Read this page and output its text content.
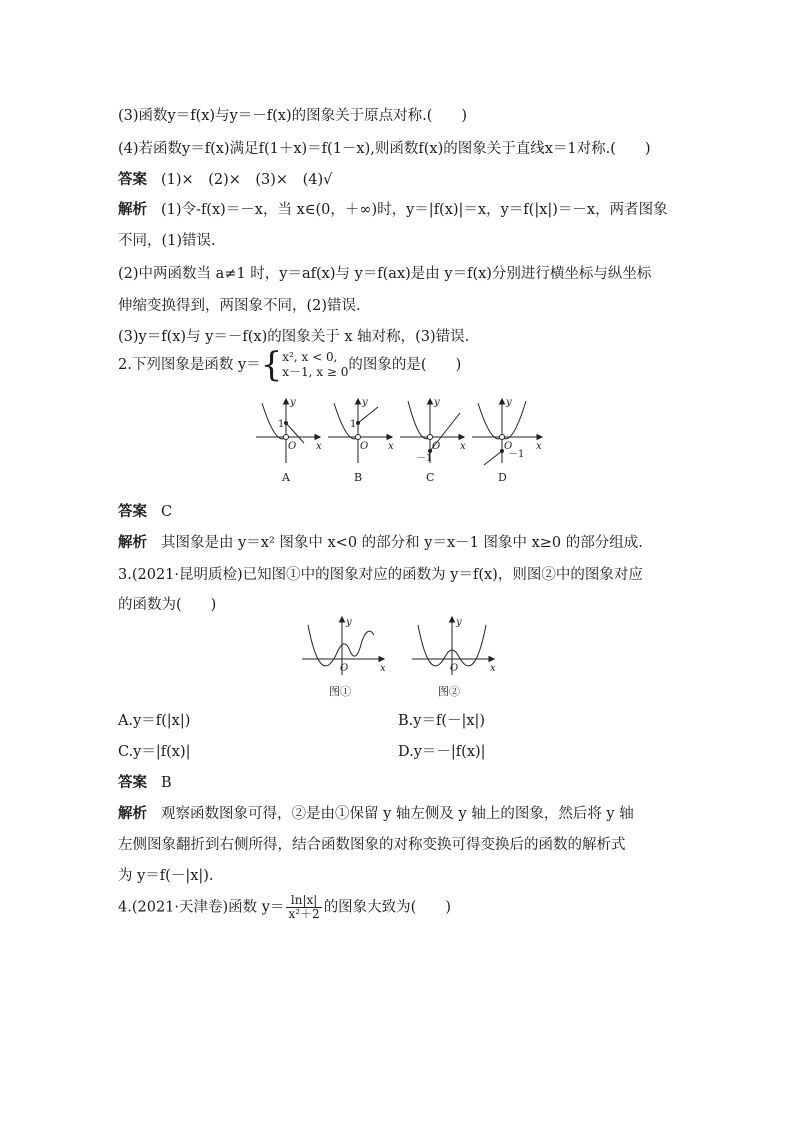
(3)函数y＝f(x)与y＝－f(x)的图象关于原点对称.(　　)
(4)若函数y＝f(x)满足f(1＋x)＝f(1－x),则函数f(x)的图象关于直线x＝1对称.(　　)
答案 (1)×　(2)×　(3)×　(4)√
解析 (1)令-f(x)＝－x，当 x∈(0，＋∞)时，y＝|f(x)|＝x，y＝f(|x|)＝－x，两者图象
不同，(1)错误.
(2)中两函数当 a≠1 时，y＝af(x)与 y＝f(ax)是由 y＝f(x)分别进行横坐标与纵坐标
伸缩变换得到，两图象不同，(2)错误.
(3)y＝f(x)与 y＝－f(x)的图象关于 x 轴对称，(3)错误.
2.下列图象是函数 y＝{ x², x < 0,
x－1, x ≥ 0 的图象的是(　　)
y
x
O
1
y
x
O
1
y
x
O
－1
y
x
O
－1
A	B	C	D
答案 C
解析 其图象是由 y＝x² 图象中 x<0 的部分和 y＝x－1 图象中 x≥0 的部分组成.
3.(2021·昆明质检)已知图①中的图象对应的函数为 y＝f(x)，则图②中的图象对应
的函数为(　　)
y
x
O
y
x
O
图①	图②
A.y＝f(|x|)	B.y＝f(－|x|)
C.y＝|f(x)|	D.y＝－|f(x)|
答案 B
解析 观察函数图象可得，②是由①保留 y 轴左侧及 y 轴上的图象，然后将 y 轴
左侧图象翻折到右侧所得，结合函数图象的对称变换可得变换后的函数的解析式
为 y＝f(－|x|).
4.(2021·天津卷)函数 $y= \frac{\ln|x|}{\text{x²＋2}}$ 的图象大致为(　　)
